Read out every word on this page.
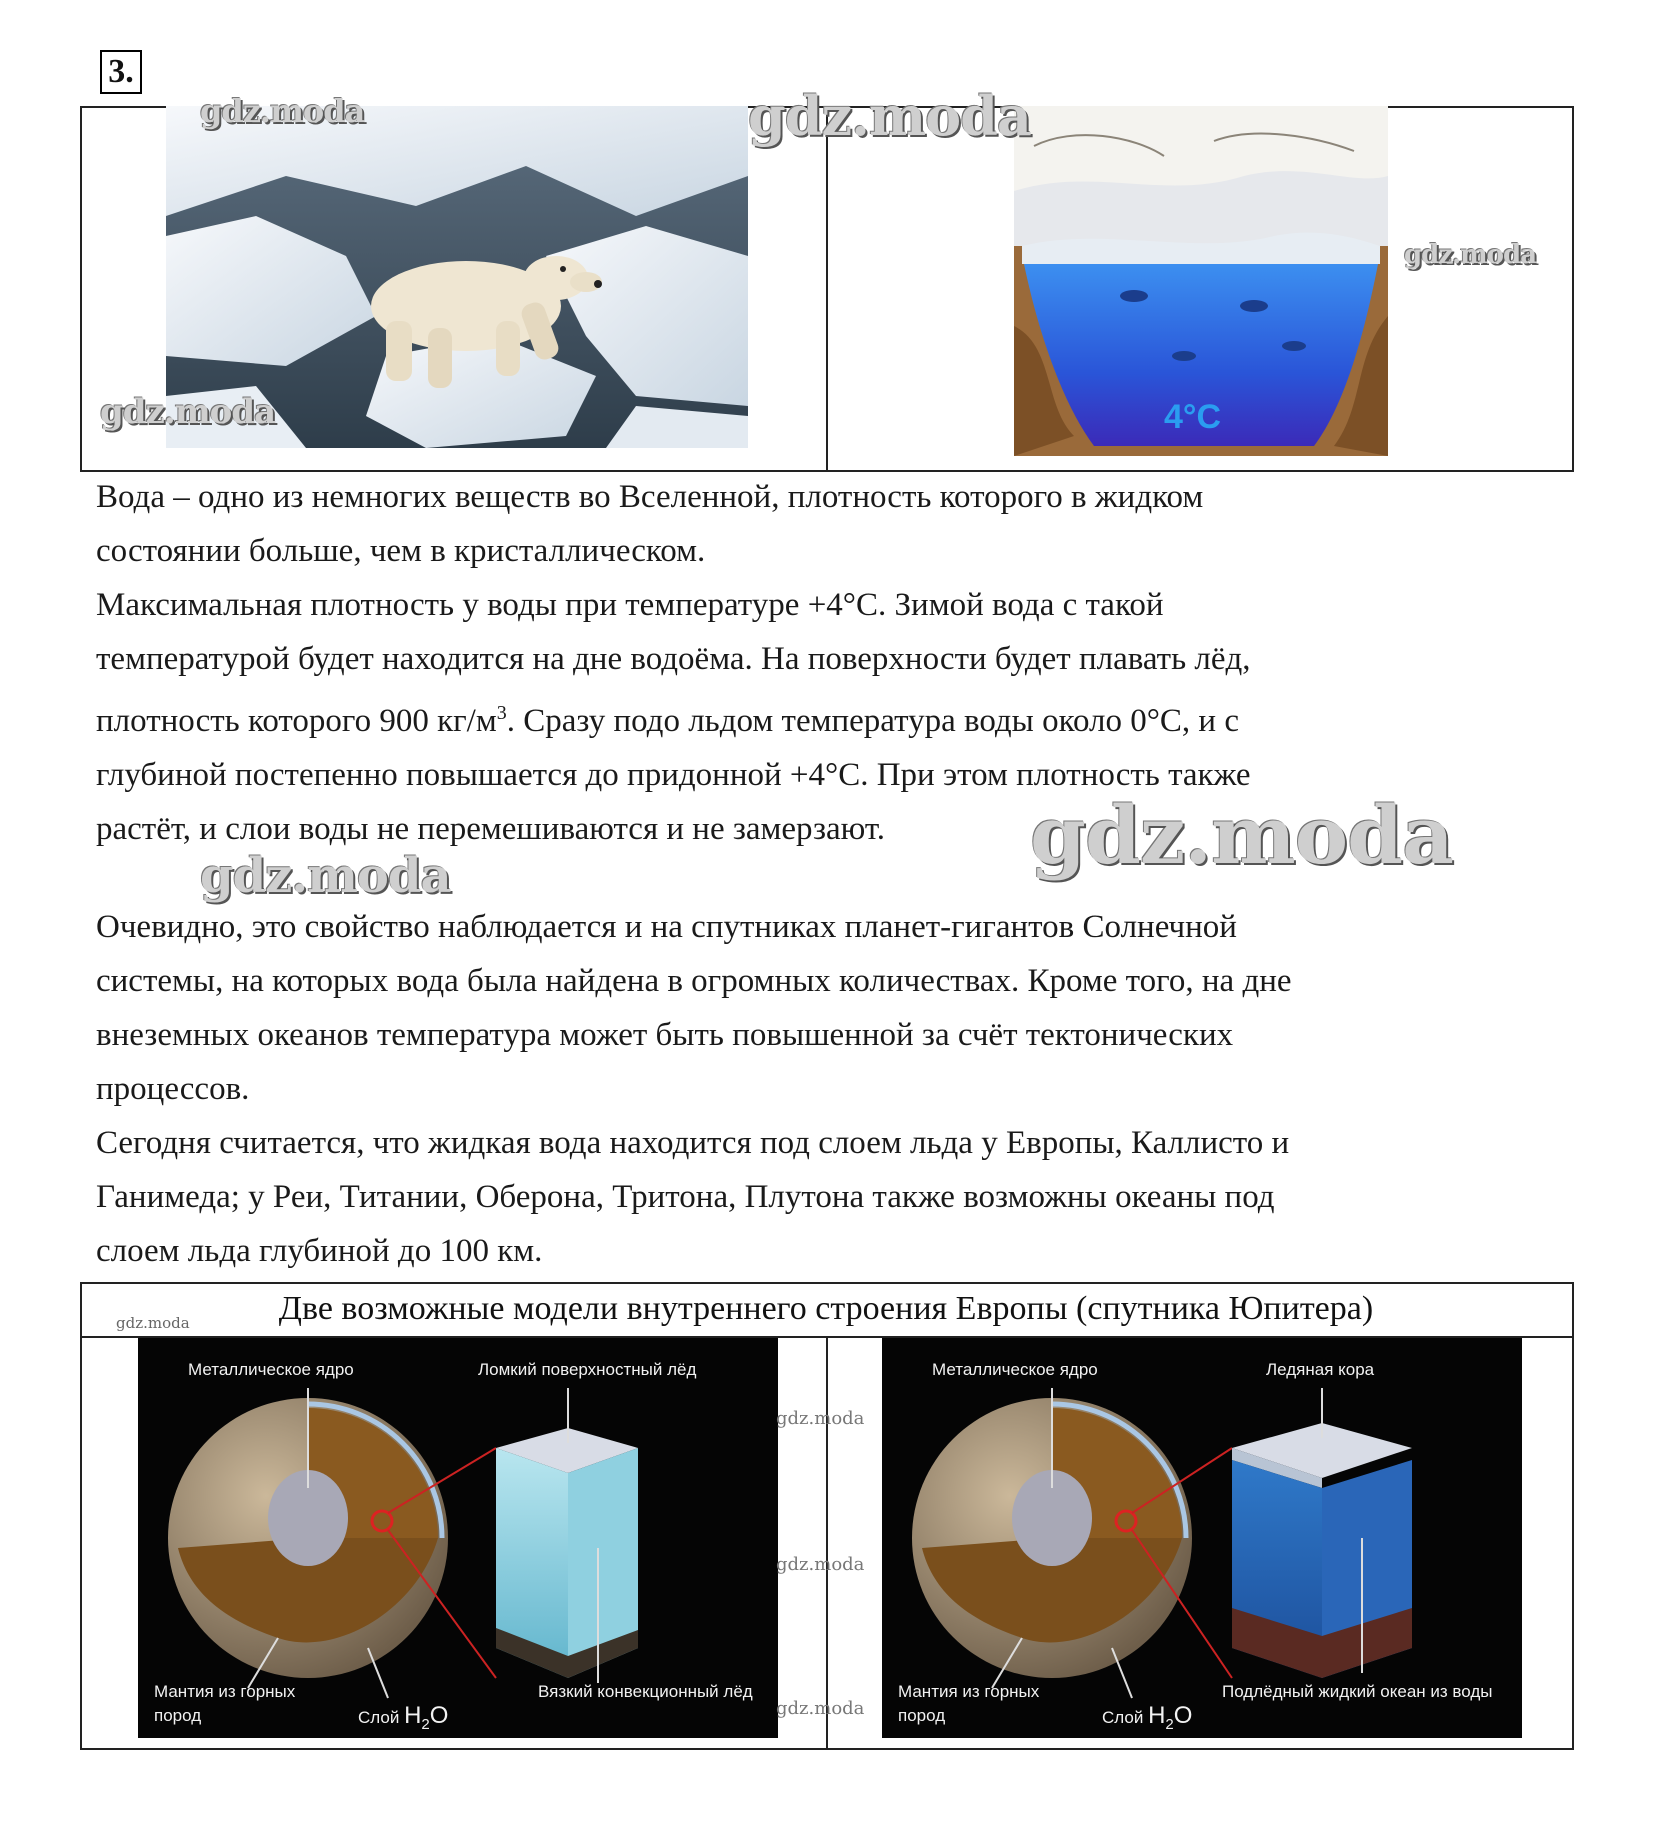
3.
4°C
gdz.moda	gdz.moda
gdz.moda
gdz.moda

Вода – одно из немногих веществ во Вселенной, плотность которого в жидком

состоянии больше, чем в кристаллическом.

Максимальная плотность у воды при температуре +4°С. Зимой вода с такой

температурой будет находится на дне водоёма. На поверхности будет плавать лёд,

плотность которого 900 $кг/м^3$. Сразу подо льдом температура воды около 0°С, и с

глубиной постепенно повышается до придонной +4°С. При этом плотность также

растёт, и слои воды не перемешиваются и не замерзают.	gdz.moda
gdz.moda

Очевидно, это свойство наблюдается и на спутниках планет-гигантов Солнечной

системы, на которых вода была найдена в огромных количествах. Кроме того, на дне

внеземных океанов температура может быть повышенной за счёт тектонических

процессов.

Сегодня считается, что жидкая вода находится под слоем льда у Европы, Каллисто и

Ганимеда; у Реи, Титании, Оберона, Тритона, Плутона также возможны океаны под

слоем льда глубиной до 100 км.

Две возможные модели внутреннего строения Европы (спутника Юпитера)
gdz.moda
Металлическое ядро	Ломкий поверхностный лёд
Мантия из горных
пород	Слой $H_2O$
Вязкий конвекционный лёд
Металлическое ядро	Ледяная кора
Мантия из горных
пород	Слой $H_2O$
Подлёдный жидкий океан из воды
gdz.moda
gdz.moda
gdz.moda
